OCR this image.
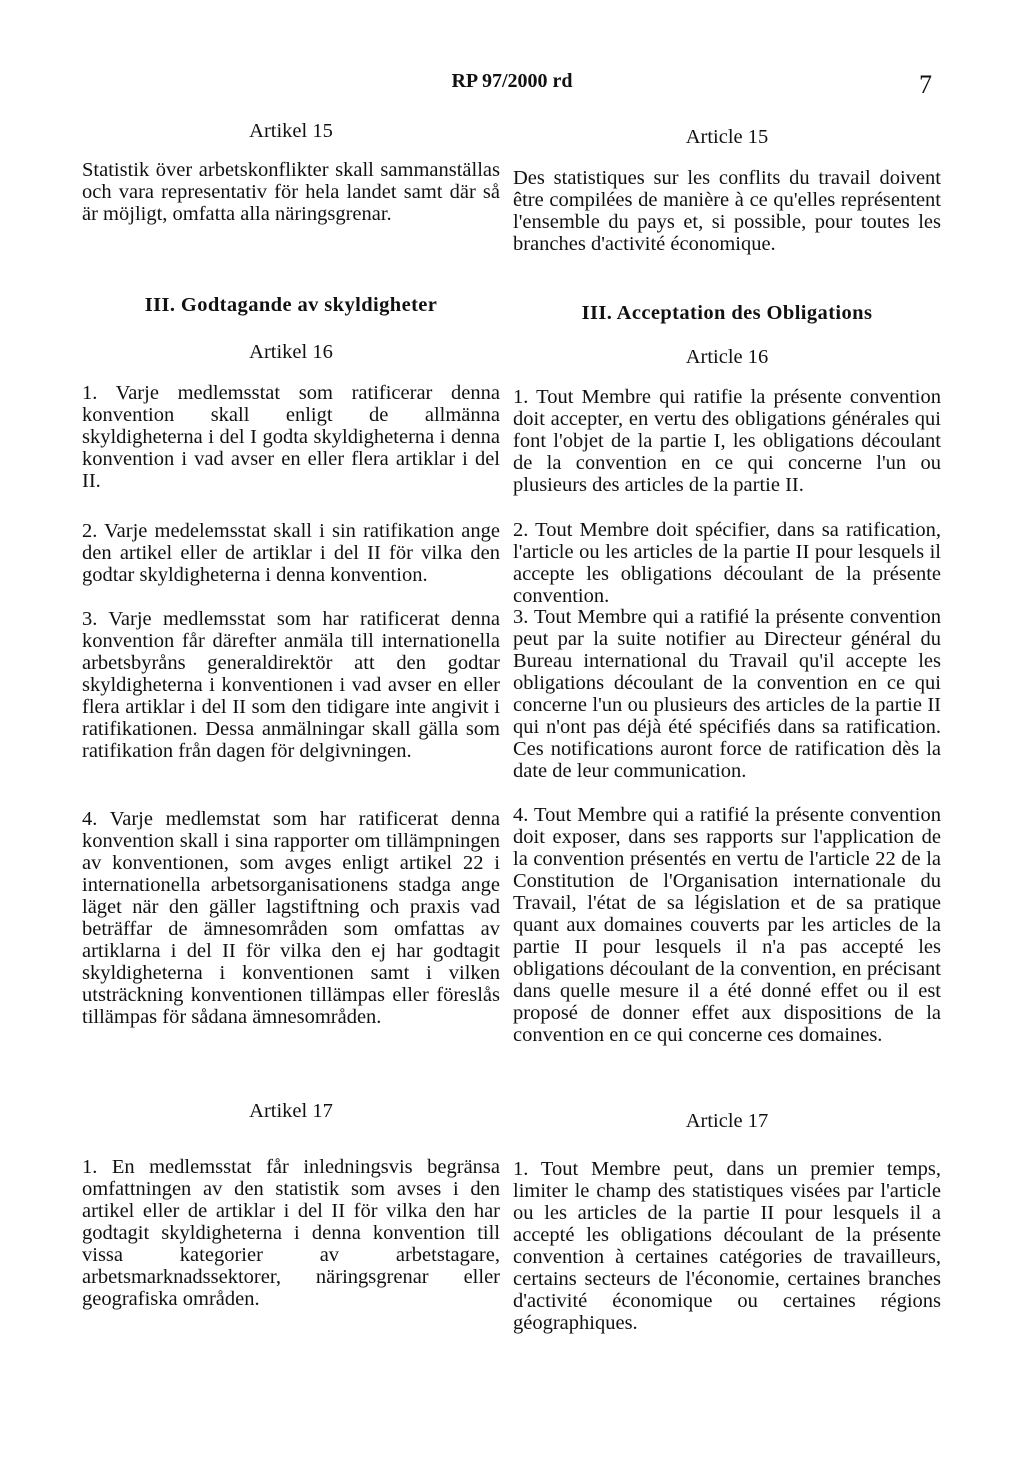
RP 97/2000 rd	7
Artikel 15
Statistik över arbetskonflikter skall sammanställas och vara representativ för hela landet samt där så är möjligt, omfatta alla näringsgrenar.
III. Godtagande av skyldigheter
Artikel 16
1. Varje medlemsstat som ratificerar denna konvention skall enligt de allmänna skyldigheterna i del I godta skyldigheterna i denna konvention i vad avser en eller flera artiklar i del II.
2. Varje medelemsstat skall i sin ratifikation ange den artikel eller de artiklar i del II för vilka den godtar skyldigheterna i denna konvention.
3. Varje medlemsstat som har ratificerat denna konvention får därefter anmäla till internationella arbetsbyråns generaldirektör att den godtar skyldigheterna i konventionen i vad avser en eller flera artiklar i del II som den tidigare inte angivit i ratifikationen. Dessa anmälningar skall gälla som ratifikation från dagen för delgivningen.
4. Varje medlemstat som har ratificerat denna konvention skall i sina rapporter om tillämpningen av konventionen, som avges enligt artikel 22 i internationella arbetsorganisationens stadga ange läget när den gäller lagstiftning och praxis vad beträffar de ämnesområden som omfattas av artiklarna i del II för vilka den ej har godtagit skyldigheterna i konventionen samt i vilken utsträckning konventionen tillämpas eller föreslås tillämpas för sådana ämnesområden.
Artikel 17
1. En medlemsstat får inledningsvis begränsa omfattningen av den statistik som avses i den artikel eller de artiklar i del II för vilka den har godtagit skyldigheterna i denna konvention till vissa kategorier av arbetstagare, arbetsmarknadssektorer, näringsgrenar eller geografiska områden.
Article 15
Des statistiques sur les conflits du travail doivent être compilées de manière à ce qu'elles représentent l'ensemble du pays et, si possible, pour toutes les branches d'activité économique.
III. Acceptation des Obligations
Article 16
1. Tout Membre qui ratifie la présente convention doit accepter, en vertu des obligations générales qui font l'objet de la partie I, les obligations découlant de la convention en ce qui concerne l'un ou plusieurs des articles de la partie II.
2. Tout Membre doit spécifier, dans sa ratification, l'article ou les articles de la partie II pour lesquels il accepte les obligations découlant de la présente convention.
3. Tout Membre qui a ratifié la présente convention peut par la suite notifier au Directeur général du Bureau international du Travail qu'il accepte les obligations découlant de la convention en ce qui concerne l'un ou plusieurs des articles de la partie II qui n'ont pas déjà été spécifiés dans sa ratification. Ces notifications auront force de ratification dès la date de leur communication.
4. Tout Membre qui a ratifié la présente convention doit exposer, dans ses rapports sur l'application de la convention présentés en vertu de l'article 22 de la Constitution de l'Organisation internationale du Travail, l'état de sa législation et de sa pratique quant aux domaines couverts par les articles de la partie II pour lesquels il n'a pas accepté les obligations découlant de la convention, en précisant dans quelle mesure il a été donné effet ou il est proposé de donner effet aux dispositions de la convention en ce qui concerne ces domaines.
Article 17
1. Tout Membre peut, dans un premier temps, limiter le champ des statistiques visées par l'article ou les articles de la partie II pour lesquels il a accepté les obligations découlant de la présente convention à certaines catégories de travailleurs, certains secteurs de l'économie, certaines branches d'activité économique ou certaines régions géographiques.
